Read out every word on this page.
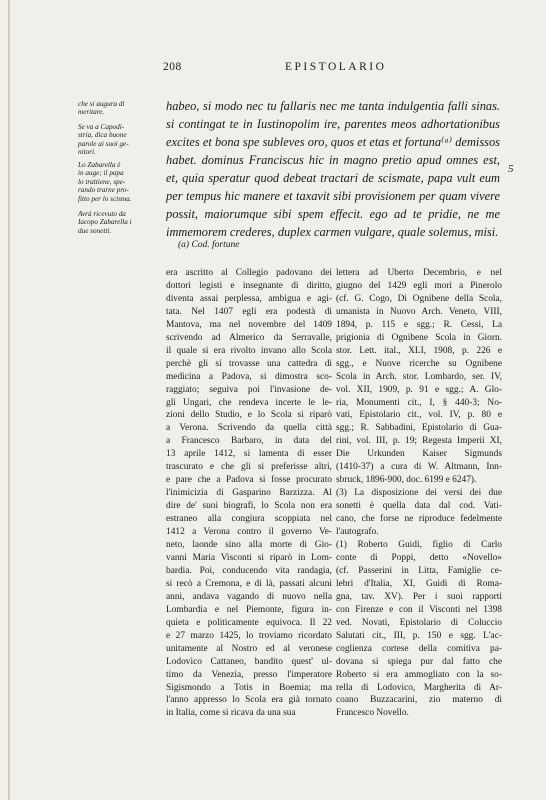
208	EPISTOLARIO
che si augura di
meritare.
Se va a Capodi-
stria, dica buone
parole ai suoi ge-
nitori.
Lo Zabarella è
in auge; il papa
lo trattiene, spe-
rando trarne pro-
fitto per lo scisma.
Avrà ricevuto da
Iacopo Zabarella i
due sonetti.
habeo, si modo nec tu fallaris nec me tanta indulgentia falli sinas.
si contingat te in Iustinopolim ire, parentes meos adhortationibus
excites et bona spe subleves oro, quos et etas et fortuna⁽ᵃ⁾ demissos
habet. dominus Franciscus hic in magno pretio apud omnes est,
et, quia speratur quod debeat tractari de scismate, papa vult eum
per tempus hic manere et taxavit sibi provisionem per quam vivere
possit, maiorumque sibi spem effecit. ego ad te pridie, ne me
immemorem crederes, duplex carmen vulgare, quale solemus, misi.
5
(a) Cod. fortune
era ascritto al Collegio padovano dei
dottori legisti e insegnante di diritto,
diventa assai perplessa, ambigua e agi-
tata. Nel 1407 egli era podestà di
Mantova, ma nel novembre del 1409
scrivendo ad Almerico da Serravalle,
il quale si era rivolto invano allo Scola
perchè gli si trovasse una cattedra di
medicina a Padova, si dimostra sco-
raggiato; seguiva poi l'invasione de-
gli Ungari, che rendeva incerte le le-
zioni dello Studio, e lo Scola si riparò
a Verona. Scrivendo da quella città
a Francesco Barbaro, in data del
13 aprile 1412, si lamenta di esser
trascurato e che gli si preferisse altri,
e pare che a Padova si fosse procurato
l'inimicizia di Gasparino Barzizza. Al
dire de' suoi biografi, lo Scola non era
estraneo alla congiura scoppiata nel
1412 a Verona contro il governo Ve-
neto, laonde sino alla morte di Gio-
vanni Maria Visconti si riparò in Lom-
bardia. Poi, conducendo vita randagia,
si recò a Cremona, e di là, passati alcuni
anni, andava vagando di nuovo nella
Lombardia e nel Piemonte, figura in-
quieta e politicamente equivoca. Il 22
e 27 marzo 1425, lo troviamo ricordato
unitamente al Nostro ed al veronese
Lodovico Cattaneo, bandito quest' ul-
timo da Venezia, presso l'imperatore
Sigismondo a Totis in Boemia; ma
l'anno appresso lo Scola era già tornato
in Italia, come si ricava da una sua
lettera ad Uberto Decembrio, e nel
giugno del 1429 egli morì a Pinerolo
(cf. G. Cogo, Di Ognibene della Scola,
umanista in Nuovo Arch. Veneto, VIII,
1894, p. 115 e sgg.; R. Cessi, La
prigionia di Ognibene Scola in Giorn.
stor. Lett. ital., XLI, 1908, p. 226 e
sgg., e Nuove ricerche su Ognibene
Scola in Arch. stor. Lombardo, ser. IV,
vol. XII, 1909, p. 91 e sgg.; A. Glo-
ria, Monumenti cit., I, § 440-3; No-
vati, Epistolario cit., vol. IV, p. 80 e
sgg.; R. Sabbadini, Epistolario di Gua-
rini, vol. III, p. 19; Regesta Imperii XI,
Die Urkunden Kaiser Sigmunds
(1410-37) a cura di W. Altmann, Inn-
sbruck, 1896-900, doc. 6199 e 6247).
(3) La disposizione dei versi dei due
sonetti è quella data dal cod. Vati-
cano, che forse ne riproduce fedelmente
l'autografo.
(1) Roberto Guidi, figlio di Carlo
conte di Poppi, detto «Novello»
(cf. Passerini in Litta, Famiglie ce-
lebri d'Italia, XI, Guidi di Roma-
gna, tav. XV). Per i suoi rapporti
con Firenze e con il Visconti nel 1398
ved. Novati, Epistolario di Coluccio
Salutati cit., III, p. 150 e sgg. L'ac-
coglienza cortese della comitiva pa-
dovana si spiega pur dal fatto che
Roberto si era ammogliato con la so-
rella di Lodovico, Margherita di Ar-
coano Buzzacarini, zio materno di
Francesco Novello.
